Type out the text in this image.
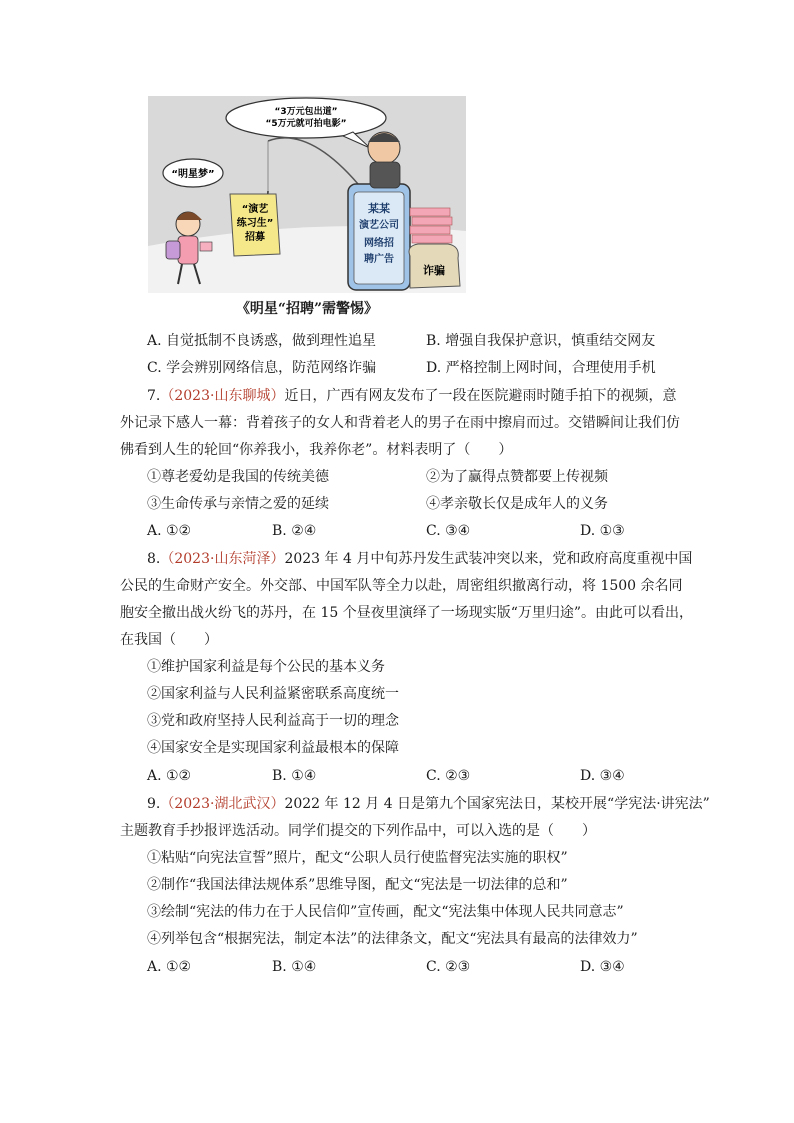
“3万元包出道”
“5万元就可拍电影”
“明星梦”
“演艺
练习生”
招募
某某
演艺公司
网络招
聘广告
诈骗
《明星“招聘”需警惕》
A. 自觉抵制不良诱惑，做到理性追星	B. 增强自我保护意识，慎重结交网友
C. 学会辨别网络信息，防范网络诈骗	D. 严格控制上网时间，合理使用手机
7.（2023·山东聊城）近日，广西有网友发布了一段在医院避雨时随手拍下的视频，意
外记录下感人一幕：背着孩子的女人和背着老人的男子在雨中擦肩而过。交错瞬间让我们仿
佛看到人生的轮回“你养我小，我养你老”。材料表明了（　　）
①尊老爱幼是我国的传统美德	②为了赢得点赞都要上传视频
③生命传承与亲情之爱的延续	④孝亲敬长仅是成年人的义务
A. ①②	B. ②④	C. ③④	D. ①③
8.（2023·山东菏泽）2023 年 4 月中旬苏丹发生武装冲突以来，党和政府高度重视中国
公民的生命财产安全。外交部、中国军队等全力以赴，周密组织撤离行动，将 1500 余名同
胞安全撤出战火纷飞的苏丹，在 15 个昼夜里演绎了一场现实版“万里归途”。由此可以看出，
在我国（　　）
①维护国家利益是每个公民的基本义务
②国家利益与人民利益紧密联系高度统一
③党和政府坚持人民利益高于一切的理念
④国家安全是实现国家利益最根本的保障
A. ①②	B. ①④	C. ②③	D. ③④
9.（2023·湖北武汉）2022 年 12 月 4 日是第九个国家宪法日，某校开展“学宪法·讲宪法”
主题教育手抄报评选活动。同学们提交的下列作品中，可以入选的是（　　）
①粘贴“向宪法宣誓”照片，配文“公职人员行使监督宪法实施的职权”
②制作“我国法律法规体系”思维导图，配文“宪法是一切法律的总和”
③绘制“宪法的伟力在于人民信仰”宣传画，配文“宪法集中体现人民共同意志”
④列举包含“根据宪法，制定本法”的法律条文，配文“宪法具有最高的法律效力”
A. ①②	B. ①④	C. ②③	D. ③④
